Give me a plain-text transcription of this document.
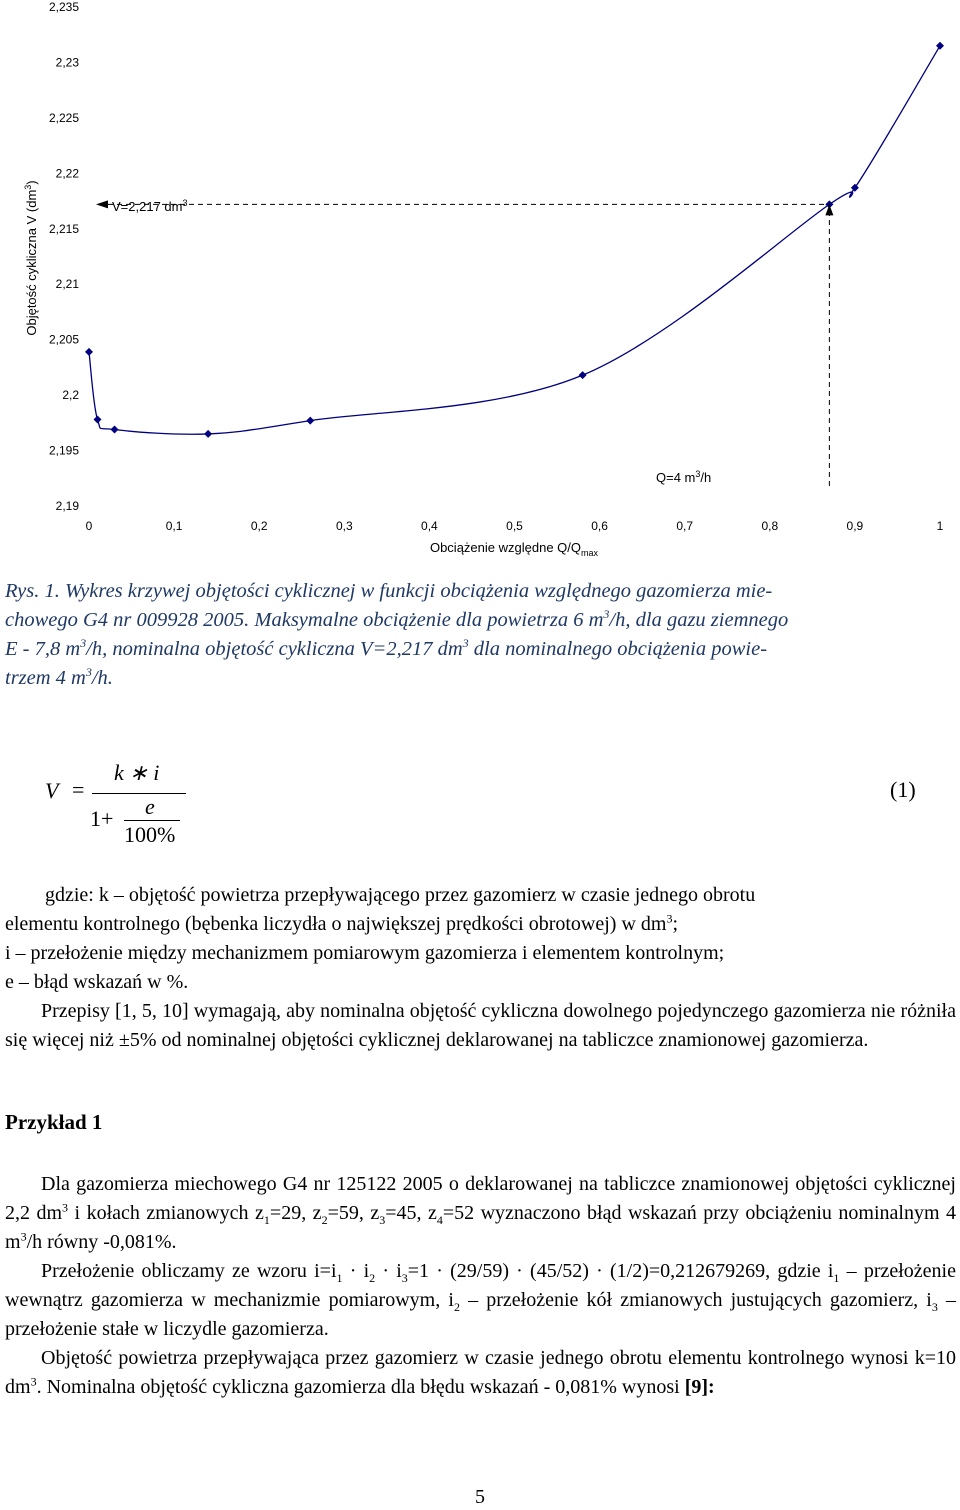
2,19
2,195
2,2
2,205
2,21
2,215
2,22
2,225
2,23
2,235
0	0,1	0,2	0,3	0,4	0,5	0,6	0,7	0,8	0,9	1
Objętość cykliczna V $(dm^3)$
Obciążenie względne $Q/Q_{max}$
V=2,217 $dm^3$
Q=4 $m^3/h$
Rys. 1. Wykres krzywej objętości cyklicznej w funkcji obciążenia względnego gazomierza mie-
chowego G4 nr 009928 2005. Maksymalne obciążenie dla powietrza 6 $m^3/h$, dla gazu ziemnego
E - 7,8 $m^3/h$, nominalna objętość cykliczna V=2,217 $dm^3$ dla nominalnego obciążenia powie-
trzem 4 $m^3/h$.
V =
k ∗ i
1 + e
100%
(1)
gdzie: k – objętość powietrza przepływającego przez gazomierz w czasie jednego obrotu
elementu kontrolnego (bębenka liczydła o największej prędkości obrotowej) w $dm^3$;
i – przełożenie między mechanizmem pomiarowym gazomierza i elementem kontrolnym;
e – błąd wskazań w %.
Przepisy [1, 5, 10] wymagają, aby nominalna objętość cykliczna dowolnego pojedynczego gazomierza nie różniła się więcej niż ±5% od nominalnej objętości cyklicznej deklarowanej na tabliczce znamionowej gazomierza.
Przykład 1
Dla gazomierza miechowego G4 nr 125122 2005 o deklarowanej na tabliczce znamionowej objętości cyklicznej 2,2 $dm^3$ i kołach zmianowych $z_1=29$, $z_2=59$, $z_3=45$, $z_4=52$ wyznaczono błąd wskazań przy obciążeniu nominalnym 4 $m^3/h$ równy -0,081%.
Przełożenie obliczamy ze wzoru $i=i_1 \cdot i_2 \cdot i_3=1 \cdot (29/59) \cdot (45/52) \cdot (1/2)=0,212679269$, gdzie $i_1$ – przełożenie wewnątrz gazomierza w mechanizmie pomiarowym, $i_2$ – przełożenie kół zmianowych justujących gazomierz, $i_3$ – przełożenie stałe w liczydle gazomierza.
Objętość powietrza przepływająca przez gazomierz w czasie jednego obrotu elementu kontrolnego wynosi k=10 $dm^3$. Nominalna objętość cykliczna gazomierza dla błędu wskazań - 0,081% wynosi [9]:
5
